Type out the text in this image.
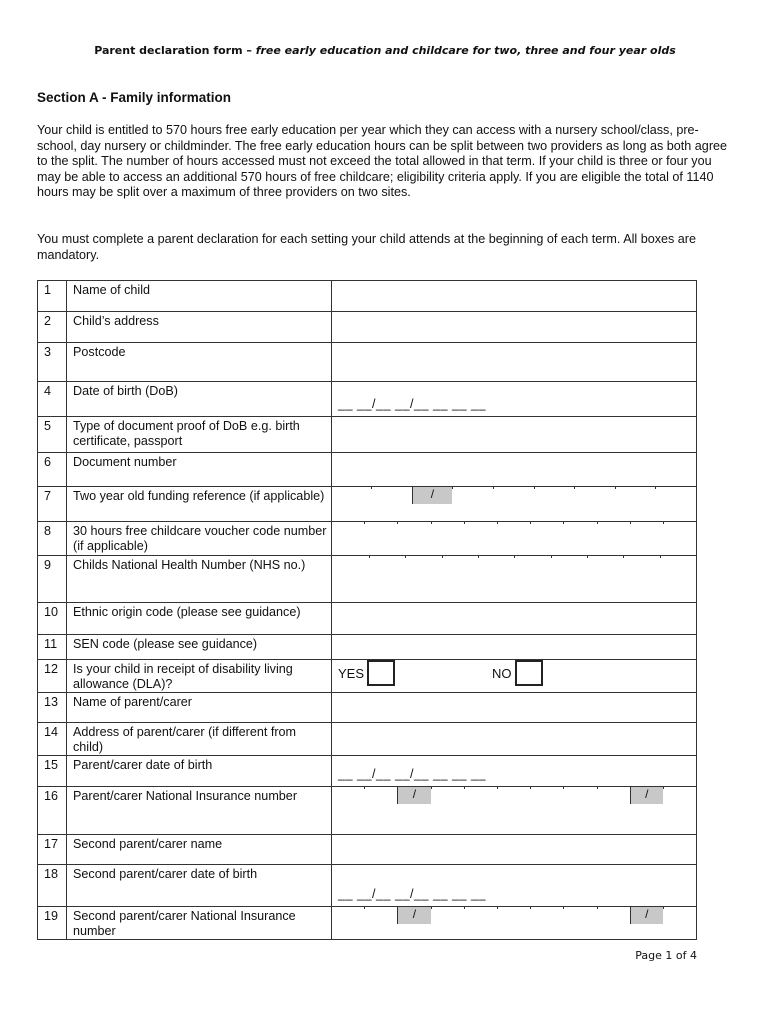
Parent declaration form – free early education and childcare for two, three and four year olds
Section A - Family information
Your child is entitled to 570 hours free early education per year which they can access with a nursery school/class, pre-school, day nursery or childminder. The free early education hours can be split between two providers as long as both agree to the split. The number of hours accessed must not exceed the total allowed in that term. If your child is three or four you may be able to access an additional 570 hours of free childcare; eligibility criteria apply. If you are eligible the total of 1140 hours may be split over a maximum of three providers on two sites.
You must complete a parent declaration for each setting your child attends at the beginning of each term. All boxes are mandatory.
1	Name of child	
2	Child’s address	
3	Postcode	
4	Date of birth (DoB)	__ __/__ __/__ __ __ __

5	Type of document proof of DoB e.g. birth certificate, passport	
6	Document number	
7	Two year old funding reference (if applicable)	/

8	30 hours free childcare voucher code number (if applicable)	

9	Childs National Health Number (NHS no.)	

10	Ethnic origin code (please see guidance)	
11	SEN code (please see guidance)	
12	Is your child in receipt of disability living allowance (DLA)?	YES NO

13	Name of parent/carer	
14	Address of parent/carer (if different from child)	
15	Parent/carer date of birth	__ __/__ __/__ __ __ __

16	Parent/carer National Insurance number	/ /

17	Second parent/carer name	
18	Second parent/carer date of birth	__ __/__ __/__ __ __ __

19	Second parent/carer National Insurance number	/ /
Page 1 of 4
